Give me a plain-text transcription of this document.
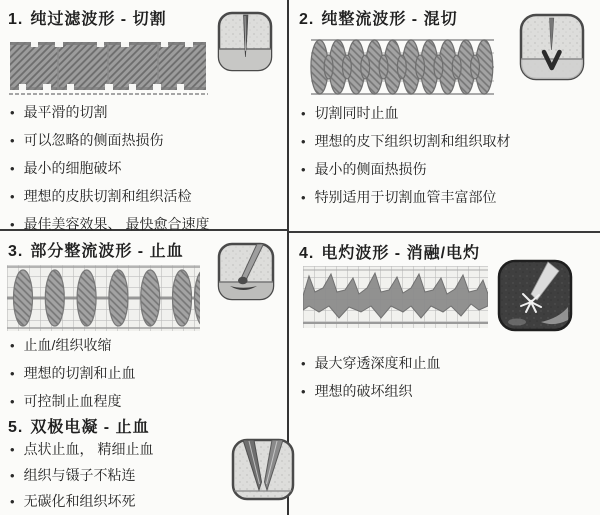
1. 纯过滤波形 - 切割
• 最平滑的切割
• 可以忽略的侧面热损伤
• 最小的细胞破坏
• 理想的皮肤切割和组织活检
• 最佳美容效果、 最快愈合速度
2. 纯整流波形 - 混切
• 切割同时止血
• 理想的皮下组织切割和组织取材
• 最小的侧面热损伤
• 特别适用于切割血管丰富部位
3. 部分整流波形 - 止血
• 止血/组织收缩
• 理想的切割和止血
• 可控制止血程度
4. 电灼波形 - 消融/电灼
• 最大穿透深度和止血
• 理想的破坏组织
5. 双极电凝 - 止血
• 点状止血， 精细止血
• 组织与镊子不粘连
• 无碳化和组织坏死
